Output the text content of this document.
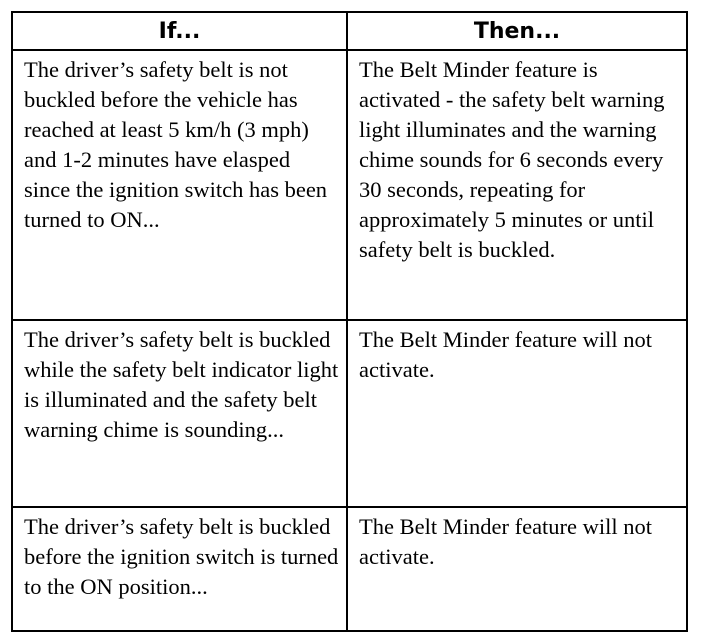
If...	Then...
The driver’s safety belt is not buckled before the vehicle has reached at least 5 km/h (3 mph) and 1-2 minutes have elasped since the ignition switch has been turned to ON...	The Belt Minder feature is activated - the safety belt warning light illuminates and the warning chime sounds for 6 seconds every 30 seconds, repeating for approximately 5 minutes or until safety belt is buckled.
The driver’s safety belt is buckled while the safety belt indicator light is illuminated and the safety belt warning chime is sounding...	The Belt Minder feature will not activate.
The driver’s safety belt is buckled before the ignition switch is turned to the ON position...	The Belt Minder feature will not activate.
